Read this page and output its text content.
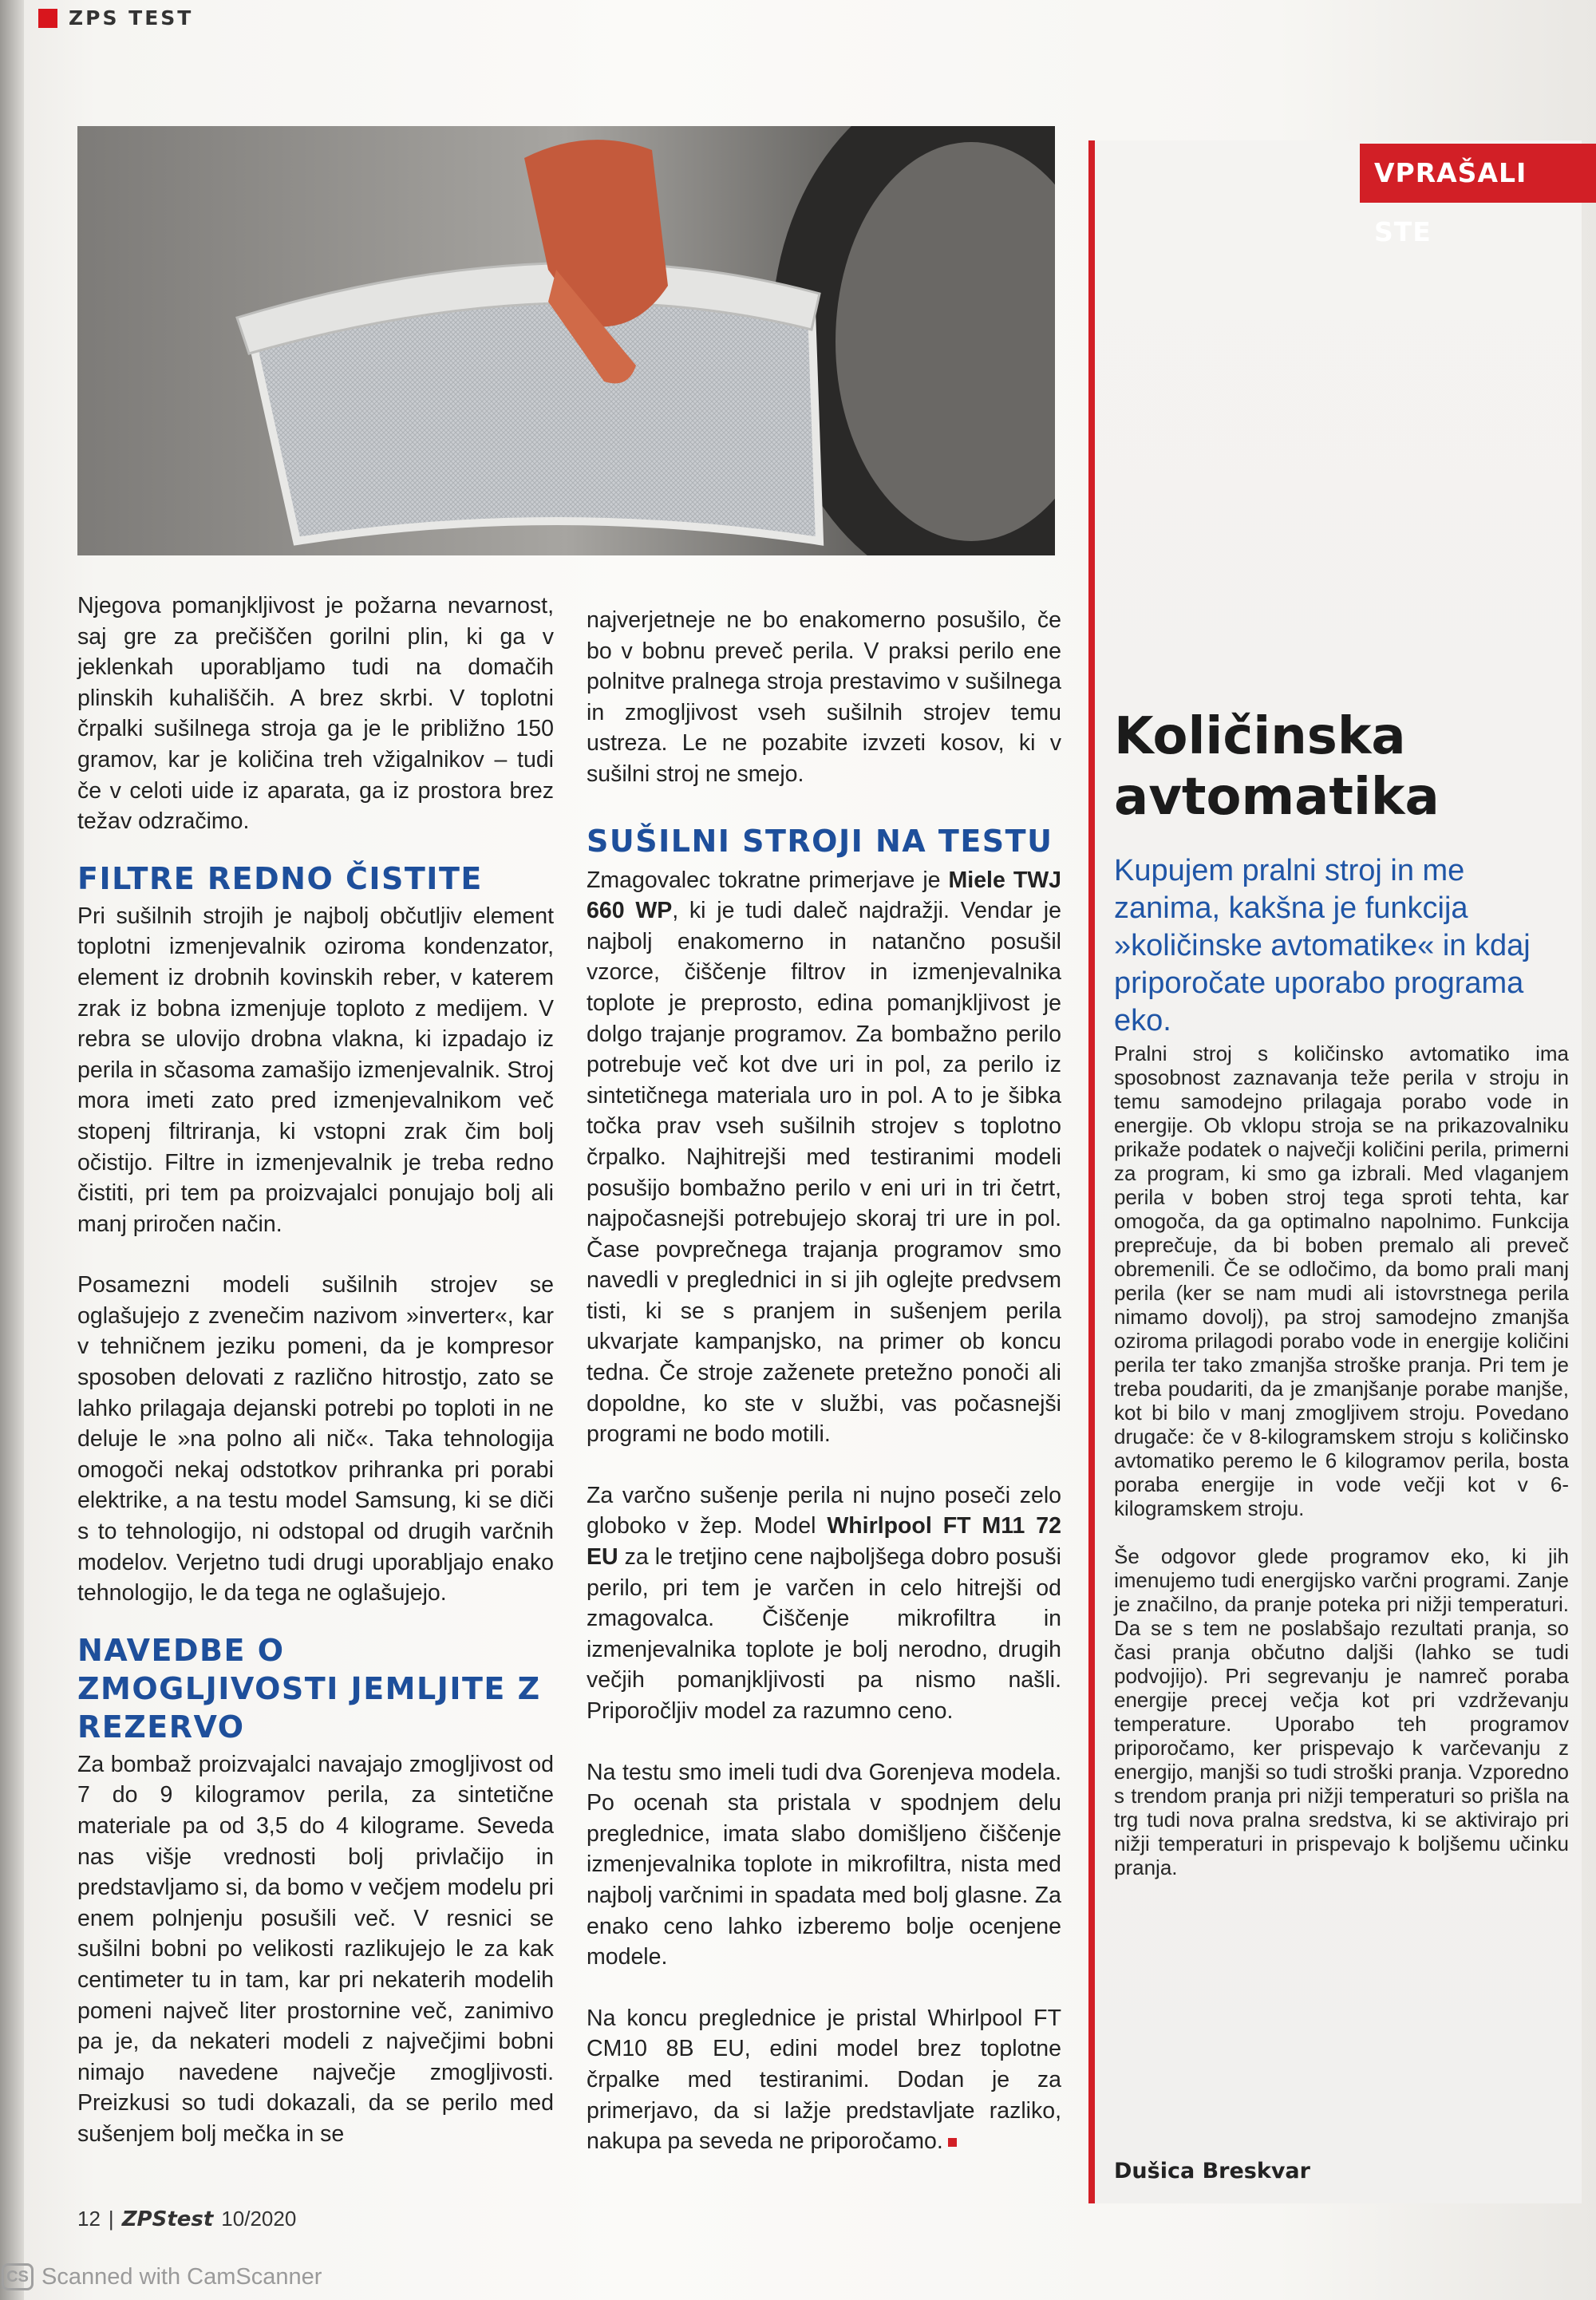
ZPS TEST

Njegova pomanjkljivost je požarna nevarnost, saj gre za prečiščen gorilni plin, ki ga v jeklenkah uporabljamo tudi na domačih plinskih kuhališčih. A brez skrbi. V toplotni črpalki sušilnega stroja ga je le približno 150 gramov, kar je količina treh vžigalnikov – tudi če v celoti uide iz aparata, ga iz prostora brez težav odzračimo.

FILTRE REDNO ČISTITE

Pri sušilnih strojih je najbolj občutljiv element toplotni izmenjevalnik oziroma kondenzator, element iz drobnih kovinskih reber, v katerem zrak iz bobna izmenjuje toploto z medijem. V rebra se ulovijo drobna vlakna, ki izpadajo iz perila in sčasoma zamašijo izmenjevalnik. Stroj mora imeti zato pred izmenjevalnikom več stopenj filtriranja, ki vstopni zrak čim bolj očistijo. Filtre in izmenjevalnik je treba redno čistiti, pri tem pa proizvajalci ponujajo bolj ali manj priročen način.

Posamezni modeli sušilnih strojev se oglašujejo z zvenečim nazivom »inverter«, kar v tehničnem jeziku pomeni, da je kompresor sposoben delovati z različno hitrostjo, zato se lahko prilagaja dejanski potrebi po toploti in ne deluje le »na polno ali nič«. Taka tehnologija omogoči nekaj odstotkov prihranka pri porabi elektrike, a na testu model Samsung, ki se diči s to tehnologijo, ni odstopal od drugih varčnih modelov. Verjetno tudi drugi uporabljajo enako tehnologijo, le da tega ne oglašujejo.

NAVEDBE O ZMOGLJIVOSTI JEMLJITE Z REZERVO

Za bombaž proizvajalci navajajo zmogljivost od 7 do 9 kilogramov perila, za sintetične materiale pa od 3,5 do 4 kilograme. Seveda nas višje vrednosti bolj privlačijo in predstavljamo si, da bomo v večjem modelu pri enem polnjenju posušili več. V resnici se sušilni bobni po velikosti razlikujejo le za kak centimeter tu in tam, kar pri nekaterih modelih pomeni največ liter prostornine več, zanimivo pa je, da nekateri modeli z največjimi bobni nimajo navedene največje zmogljivosti. Preizkusi so tudi dokazali, da se perilo med sušenjem bolj mečka in se

najverjetneje ne bo enakomerno posušilo, če bo v bobnu preveč perila. V praksi perilo ene polnitve pralnega stroja prestavimo v sušilnega in zmogljivost vseh sušilnih strojev temu ustreza. Le ne pozabite izvzeti kosov, ki v sušilni stroj ne smejo.

SUŠILNI STROJI NA TESTU

Zmagovalec tokratne primerjave je Miele TWJ 660 WP, ki je tudi daleč najdražji. Vendar je najbolj enakomerno in natančno posušil vzorce, čiščenje filtrov in izmenjevalnika toplote je preprosto, edina pomanjkljivost je dolgo trajanje programov. Za bombažno perilo potrebuje več kot dve uri in pol, za perilo iz sintetičnega materiala uro in pol. A to je šibka točka prav vseh sušilnih strojev s toplotno črpalko. Najhitrejši med testiranimi modeli posušijo bombažno perilo v eni uri in tri četrt, najpočasnejši potrebujejo skoraj tri ure in pol. Čase povprečnega trajanja programov smo navedli v preglednici in si jih oglejte predvsem tisti, ki se s pranjem in sušenjem perila ukvarjate kampanjsko, na primer ob koncu tedna. Če stroje zaženete pretežno ponoči ali dopoldne, ko ste v službi, vas počasnejši programi ne bodo motili.

Za varčno sušenje perila ni nujno poseči zelo globoko v žep. Model Whirlpool FT M11 72 EU za le tretjino cene najboljšega dobro posuši perilo, pri tem je varčen in celo hitrejši od zmagovalca. Čiščenje mikrofiltra in izmenjevalnika toplote je bolj nerodno, drugih večjih pomanjkljivosti pa nismo našli. Priporočljiv model za razumno ceno.

Na testu smo imeli tudi dva Gorenjeva modela. Po ocenah sta pristala v spodnjem delu preglednice, imata slabo domišljeno čiščenje izmenjevalnika toplote in mikrofiltra, nista med najbolj varčnimi in spadata med bolj glasne. Za enako ceno lahko izberemo bolje ocenjene modele.

Na koncu preglednice je pristal Whirlpool FT CM10 8B EU, edini model brez toplotne črpalke med testiranimi. Dodan je za primerjavo, da si lažje predstavljate razliko, nakupa pa seveda ne priporočamo.

VPRAŠALI STE
Količinska avtomatika

Kupujem pralni stroj in me zanima, kakšna je funkcija »količinske avtomatike« in kdaj priporočate uporabo programa eko.

Pralni stroj s količinsko avtomatiko ima sposobnost zaznavanja teže perila v stroju in temu samodejno prilagaja porabo vode in energije. Ob vklopu stroja se na prikazovalniku prikaže podatek o največji količini perila, primerni za program, ki smo ga izbrali. Med vlaganjem perila v boben stroj tega sproti tehta, kar omogoča, da ga optimalno napolnimo. Funkcija preprečuje, da bi boben premalo ali preveč obremenili. Če se odločimo, da bomo prali manj perila (ker se nam mudi ali istovrstnega perila nimamo dovolj), pa stroj samodejno zmanjša oziroma prilagodi porabo vode in energije količini perila ter tako zmanjša stroške pranja. Pri tem je treba poudariti, da je zmanjšanje porabe manjše, kot bi bilo v manj zmogljivem stroju. Povedano drugače: če v 8-kilogramskem stroju s količinsko avtomatiko peremo le 6 kilogramov perila, bosta poraba energije in vode večji kot v 6-kilogramskem stroju.

Še odgovor glede programov eko, ki jih imenujemo tudi energijsko varčni programi. Zanje je značilno, da pranje poteka pri nižji temperaturi. Da se s tem ne poslabšajo rezultati pranja, so časi pranja občutno daljši (lahko se tudi podvojijo). Pri segrevanju je namreč poraba energije precej večja kot pri vzdrževanju temperature. Uporabo teh programov priporočamo, ker prispevajo k varčevanju z energijo, manjši so tudi stroški pranja. Vzporedno s trendom pranja pri nižji temperaturi so prišla na trg tudi nova pralna sredstva, ki se aktivirajo pri nižji temperaturi in prispevajo k boljšemu učinku pranja.

Dušica Breskvar
12 | ZPStest 10/2020
CS Scanned with CamScanner
